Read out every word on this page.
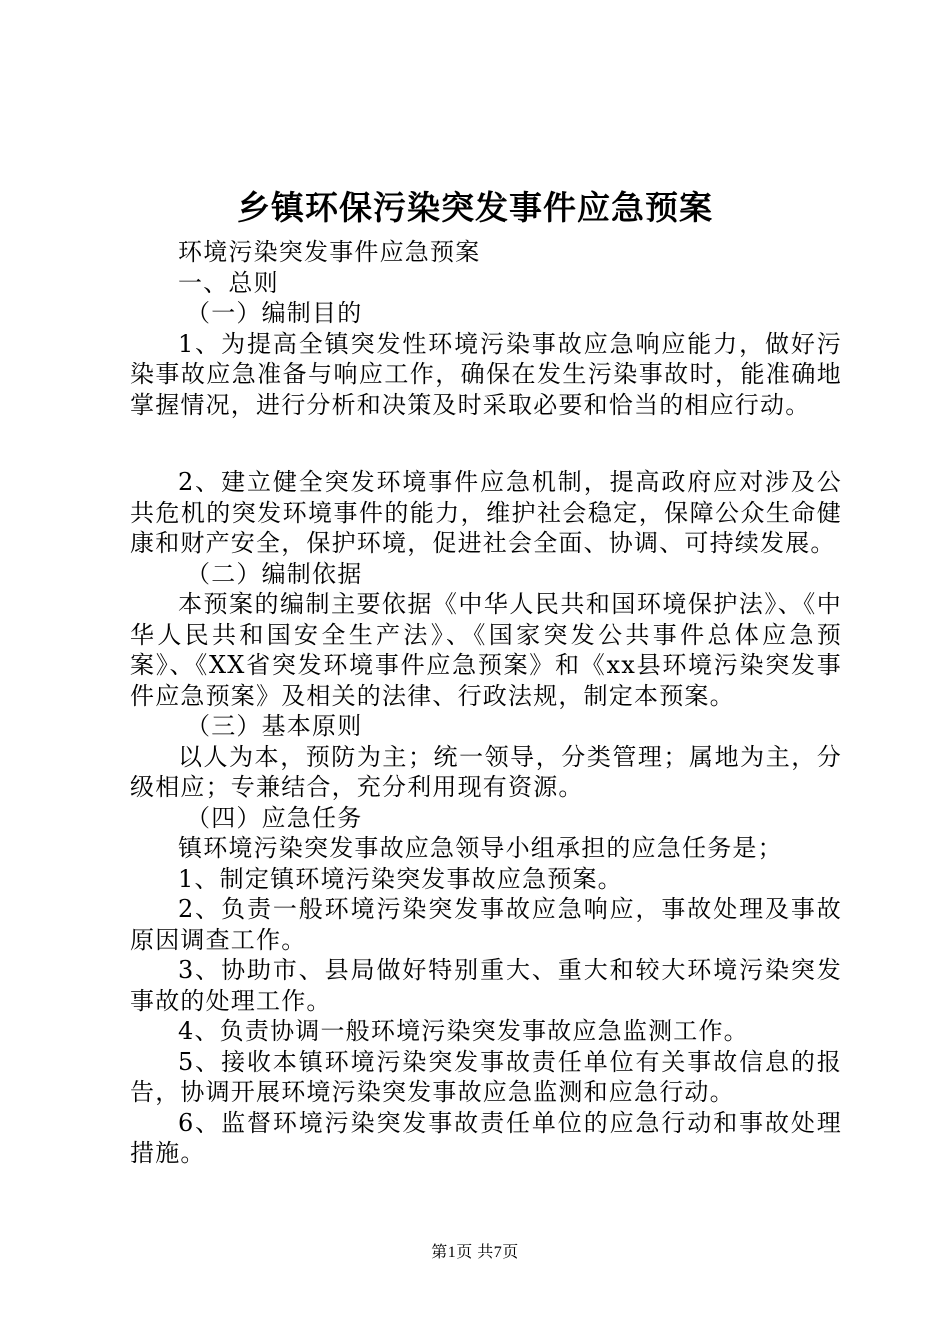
乡镇环保污染突发事件应急预案

环境污染突发事件应急预案

一、总则

（一）编制目的

1、为提高全镇突发性环境污染事故应急响应能力，做好污染事故应急准备与响应工作，确保在发生污染事故时，能准确地掌握情况，进行分析和决策及时采取必要和恰当的相应行动。

2、建立健全突发环境事件应急机制，提高政府应对涉及公共危机的突发环境事件的能力，维护社会稳定，保障公众生命健康和财产安全，保护环境，促进社会全面、协调、可持续发展。

（二）编制依据

本预案的编制主要依据《中华人民共和国环境保护法》、《中华人民共和国安全生产法》、《国家突发公共事件总体应急预案》、《XX省突发环境事件应急预案》和《xx县环境污染突发事件应急预案》及相关的法律、行政法规，制定本预案。

（三）基本原则

以人为本，预防为主；统一领导，分类管理；属地为主，分级相应；专兼结合，充分利用现有资源。

（四）应急任务

镇环境污染突发事故应急领导小组承担的应急任务是；

1、制定镇环境污染突发事故应急预案。

2、负责一般环境污染突发事故应急响应，事故处理及事故原因调查工作。

3、协助市、县局做好特别重大、重大和较大环境污染突发事故的处理工作。

4、负责协调一般环境污染突发事故应急监测工作。

5、接收本镇环境污染突发事故责任单位有关事故信息的报告，协调开展环境污染突发事故应急监测和应急行动。

6、监督环境污染突发事故责任单位的应急行动和事故处理措施。

第1页 共7页
